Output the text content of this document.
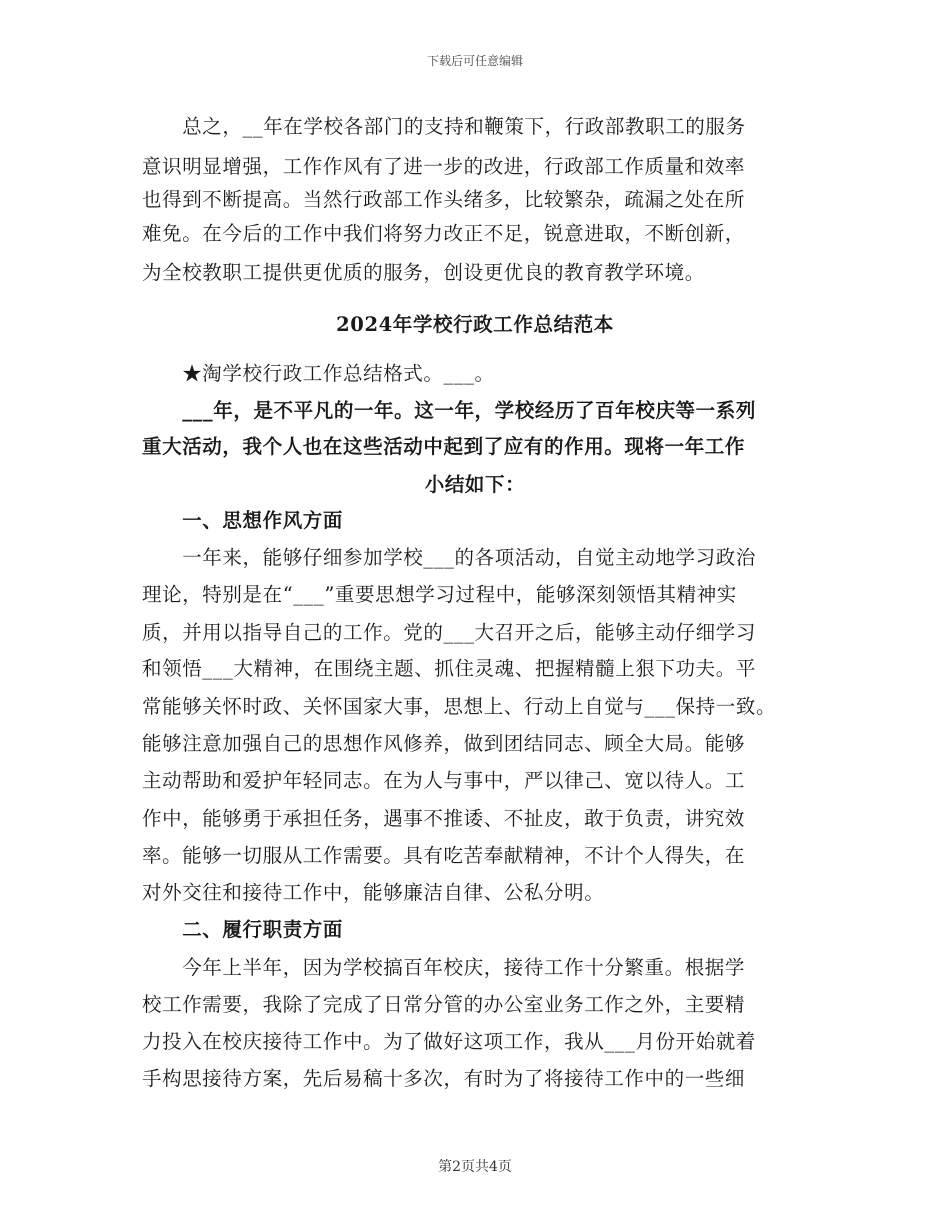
下载后可任意编辑
　　总之，__年在学校各部门的支持和鞭策下，行政部教职工的服务
意识明显增强，工作作风有了进一步的改进，行政部工作质量和效率
也得到不断提高。当然行政部工作头绪多，比较繁杂，疏漏之处在所
难免。在今后的工作中我们将努力改正不足，锐意进取，不断创新，
为全校教职工提供更优质的服务，创设更优良的教育教学环境。
2024年学校行政工作总结范本
　　★淘学校行政工作总结格式。___。
　　___年，是不平凡的一年。这一年，学校经历了百年校庆等一系列
重大活动，我个人也在这些活动中起到了应有的作用。现将一年工作
小结如下：
　　一、思想作风方面
　　一年来，能够仔细参加学校___的各项活动，自觉主动地学习政治
理论，特别是在“___”重要思想学习过程中，能够深刻领悟其精神实
质，并用以指导自己的工作。党的___大召开之后，能够主动仔细学习
和领悟___大精神，在围绕主题、抓住灵魂、把握精髓上狠下功夫。平
常能够关怀时政、关怀国家大事，思想上、行动上自觉与___保持一致。
能够注意加强自己的思想作风修养，做到团结同志、顾全大局。能够
主动帮助和爱护年轻同志。在为人与事中，严以律己、宽以待人。工
作中，能够勇于承担任务，遇事不推诿、不扯皮，敢于负责，讲究效
率。能够一切服从工作需要。具有吃苦奉献精神，不计个人得失，在
对外交往和接待工作中，能够廉洁自律、公私分明。
　　二、履行职责方面
　　今年上半年，因为学校搞百年校庆，接待工作十分繁重。根据学
校工作需要，我除了完成了日常分管的办公室业务工作之外，主要精
力投入在校庆接待工作中。为了做好这项工作，我从___月份开始就着
手构思接待方案，先后易稿十多次，有时为了将接待工作中的一些细
第2页共4页
